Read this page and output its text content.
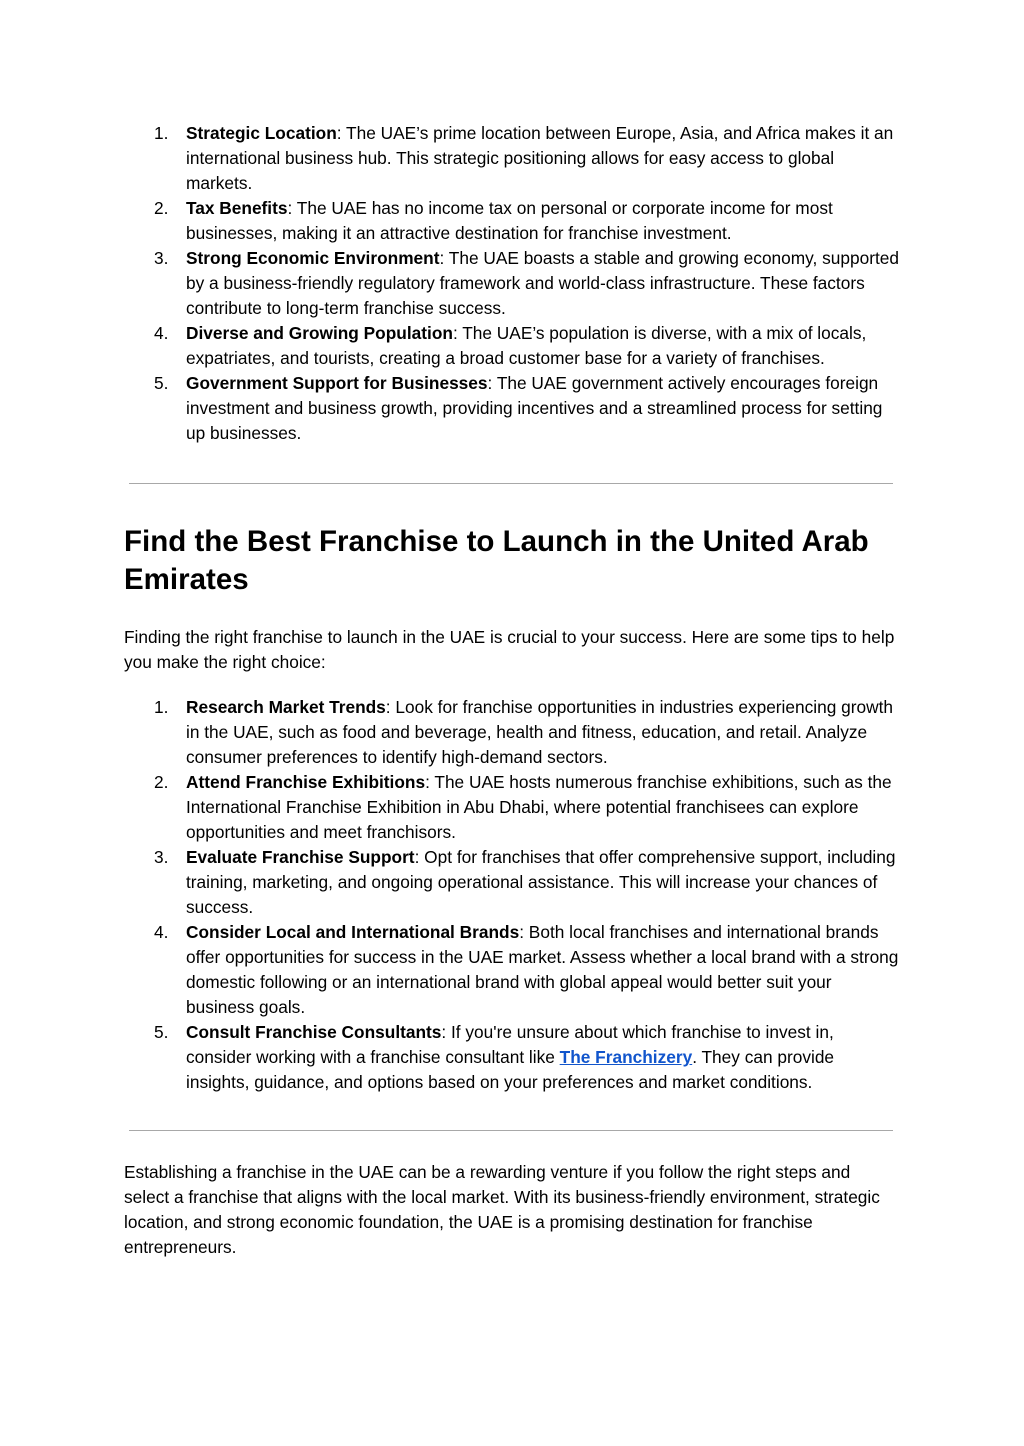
1. Strategic Location: The UAE’s prime location between Europe, Asia, and Africa makes it an international business hub. This strategic positioning allows for easy access to global markets.
2. Tax Benefits: The UAE has no income tax on personal or corporate income for most businesses, making it an attractive destination for franchise investment.
3. Strong Economic Environment: The UAE boasts a stable and growing economy, supported by a business-friendly regulatory framework and world-class infrastructure. These factors contribute to long-term franchise success.
4. Diverse and Growing Population: The UAE’s population is diverse, with a mix of locals, expatriates, and tourists, creating a broad customer base for a variety of franchises.
5. Government Support for Businesses: The UAE government actively encourages foreign investment and business growth, providing incentives and a streamlined process for setting up businesses.
Find the Best Franchise to Launch in the United Arab Emirates

Finding the right franchise to launch in the UAE is crucial to your success. Here are some tips to help you make the right choice:

1. Research Market Trends: Look for franchise opportunities in industries experiencing growth in the UAE, such as food and beverage, health and fitness, education, and retail. Analyze consumer preferences to identify high-demand sectors.
2. Attend Franchise Exhibitions: The UAE hosts numerous franchise exhibitions, such as the International Franchise Exhibition in Abu Dhabi, where potential franchisees can explore opportunities and meet franchisors.
3. Evaluate Franchise Support: Opt for franchises that offer comprehensive support, including training, marketing, and ongoing operational assistance. This will increase your chances of success.
4. Consider Local and International Brands: Both local franchises and international brands offer opportunities for success in the UAE market. Assess whether a local brand with a strong domestic following or an international brand with global appeal would better suit your business goals.
5. Consult Franchise Consultants: If you're unsure about which franchise to invest in, consider working with a franchise consultant like The Franchizery. They can provide insights, guidance, and options based on your preferences and market conditions.

Establishing a franchise in the UAE can be a rewarding venture if you follow the right steps and select a franchise that aligns with the local market. With its business-friendly environment, strategic location, and strong economic foundation, the UAE is a promising destination for franchise entrepreneurs.
